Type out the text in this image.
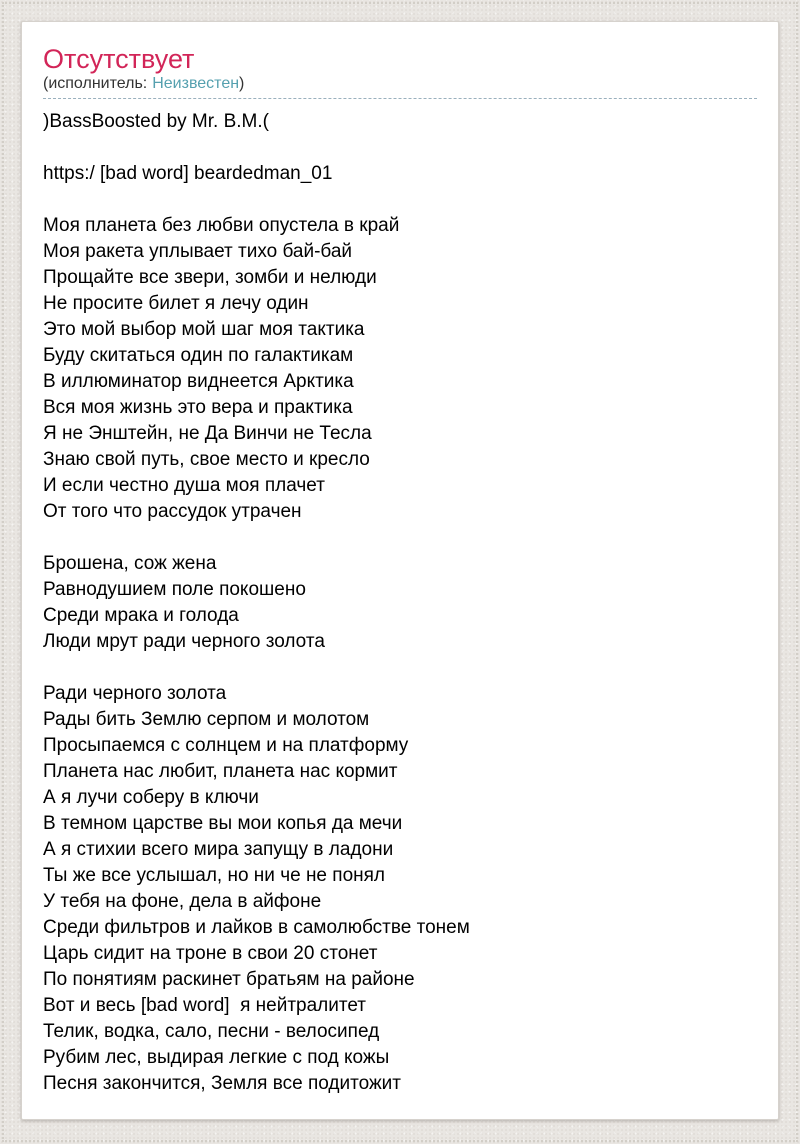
Отсутствует
(исполнитель: Неизвестен)
)BassBoosted by Mr. B.M.(
https:/ [bad word] beardedman_01
Моя планета без любви опустела в край
Моя ракета уплывает тихо бай-бай
Прощайте все звери, зомби и нелюди
Не просите билет я лечу один
Это мой выбор мой шаг моя тактика
Буду скитаться один по галактикам
В иллюминатор виднеется Арктика
Вся моя жизнь это вера и практика
Я не Энштейн, не Да Винчи не Тесла
Знаю свой путь, свое место и кресло
И если честно душа моя плачет
От того что рассудок утрачен
Брошена, сож жена
Равнодушием поле покошено
Среди мрака и голода
Люди мрут ради черного золота
Ради черного золота
Рады бить Землю серпом и молотом
Просыпаемся с солнцем и на платформу
Планета нас любит, планета нас кормит
А я лучи соберу в ключи
В темном царстве вы мои копья да мечи
А я стихии всего мира запущу в ладони
Ты же все услышал, но ни че не понял
У тебя на фоне, дела в айфоне
Среди фильтров и лайков в самолюбстве тонем
Царь сидит на троне в свои 20 стонет
По понятиям раскинет братьям на районе
Вот и весь [bad word]  я нейтралитет
Телик, водка, сало, песни - велосипед
Рубим лес, выдирая легкие с под кожы
Песня закончится, Земля все подитожит
